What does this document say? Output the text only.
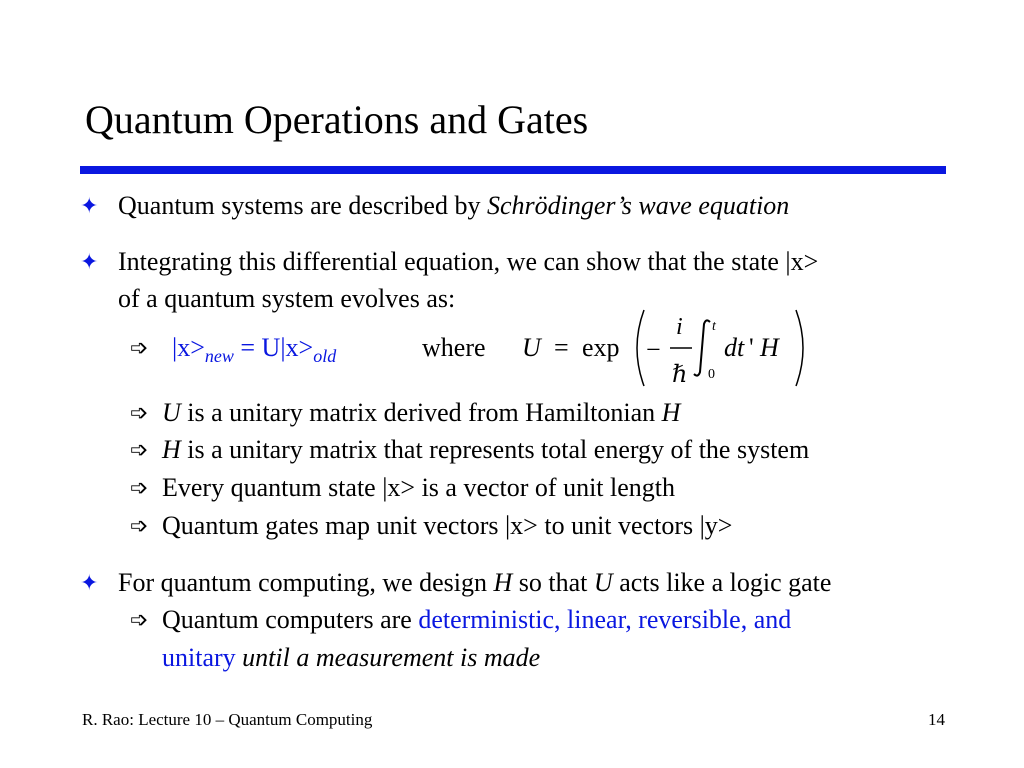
Quantum Operations and Gates
✦ Quantum systems are described by Schrödinger’s wave equation
✦ Integrating this differential equation, we can show that the state |x>
of a quantum system evolves as:
➩ $|x>_{new} = U|x>_{old}$	where U = exp −
i
ℏ
t
0
dt ' H
➩ U is a unitary matrix derived from Hamiltonian H
➩ H is a unitary matrix that represents total energy of the system
➩ Every quantum state |x> is a vector of unit length
➩ Quantum gates map unit vectors |x> to unit vectors |y>
✦ For quantum computing, we design H so that U acts like a logic gate
➩ Quantum computers are deterministic, linear, reversible, and
unitary until a measurement is made
R. Rao: Lecture 10 – Quantum Computing	14
